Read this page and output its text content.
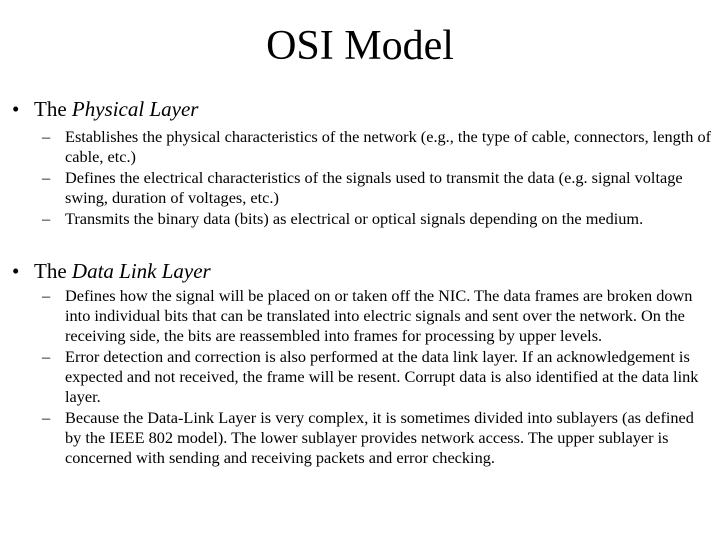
OSI Model
• The Physical Layer
– Establishes the physical characteristics of the network (e.g., the type of cable, connectors, length of cable, etc.)
– Defines the electrical characteristics of the signals used to transmit the data (e.g. signal voltage swing, duration of voltages, etc.)
– Transmits the binary data (bits) as electrical or optical signals depending on the medium.
• The Data Link Layer
– Defines how the signal will be placed on or taken off the NIC. The data frames are broken down into individual bits that can be translated into electric signals and sent over the network. On the receiving side, the bits are reassembled into frames for processing by upper levels.
– Error detection and correction is also performed at the data link layer. If an acknowledgement is expected and not received, the frame will be resent. Corrupt data is also identified at the data link layer.
– Because the Data-Link Layer is very complex, it is sometimes divided into sublayers (as defined by the IEEE 802 model). The lower sublayer provides network access. The upper sublayer is concerned with sending and receiving packets and error checking.
